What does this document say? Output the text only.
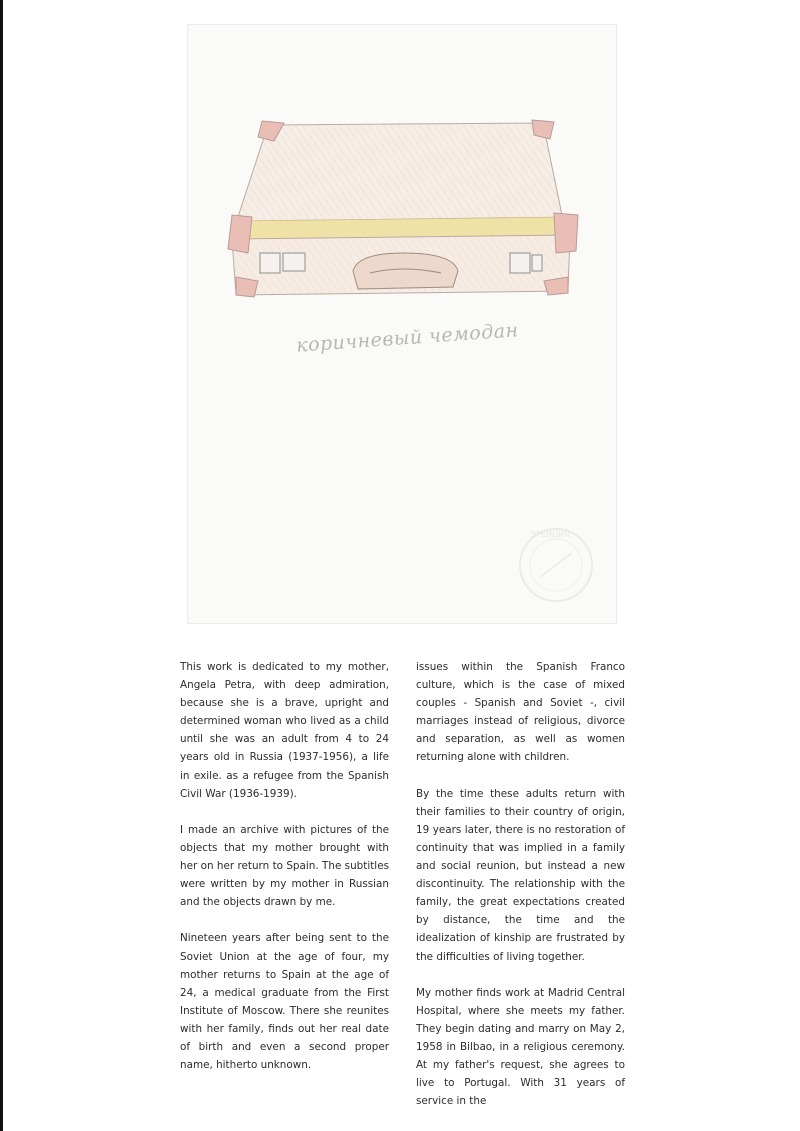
·ЭРЕНЦИЯ·
коричневый чемодан

This work is dedicated to my mother, Angela Petra, with deep admiration, because she is a brave, upright and determined woman who lived as a child until she was an adult from 4 to 24 years old in Russia (1937-1956), a life in exile. as a refugee from the Spanish Civil War (1936-1939).

I made an archive with pictures of the objects that my mother brought with her on her return to Spain. The subtitles were written by my mother in Russian and the objects drawn by me.

Nineteen years after being sent to the Soviet Union at the age of four, my mother returns to Spain at the age of 24, a medical graduate from the First Institute of Moscow. There she reunites with her family, finds out her real date of birth and even a second proper name, hitherto unknown.

issues within the Spanish Franco culture, which is the case of mixed couples - Spanish and Soviet -, civil marriages instead of religious, divorce and separation, as well as women returning alone with children.

By the time these adults return with their families to their country of origin, 19 years later, there is no restoration of continuity that was implied in a family and social reunion, but instead a new discontinuity. The relationship with the family, the great expectations created by distance, the time and the idealization of kinship are frustrated by the difficulties of living together.

My mother finds work at Madrid Central Hospital, where she meets my father. They begin dating and marry on May 2, 1958 in Bilbao, in a religious ceremony. At my father's request, she agrees to live to Portugal. With 31 years of service in the
